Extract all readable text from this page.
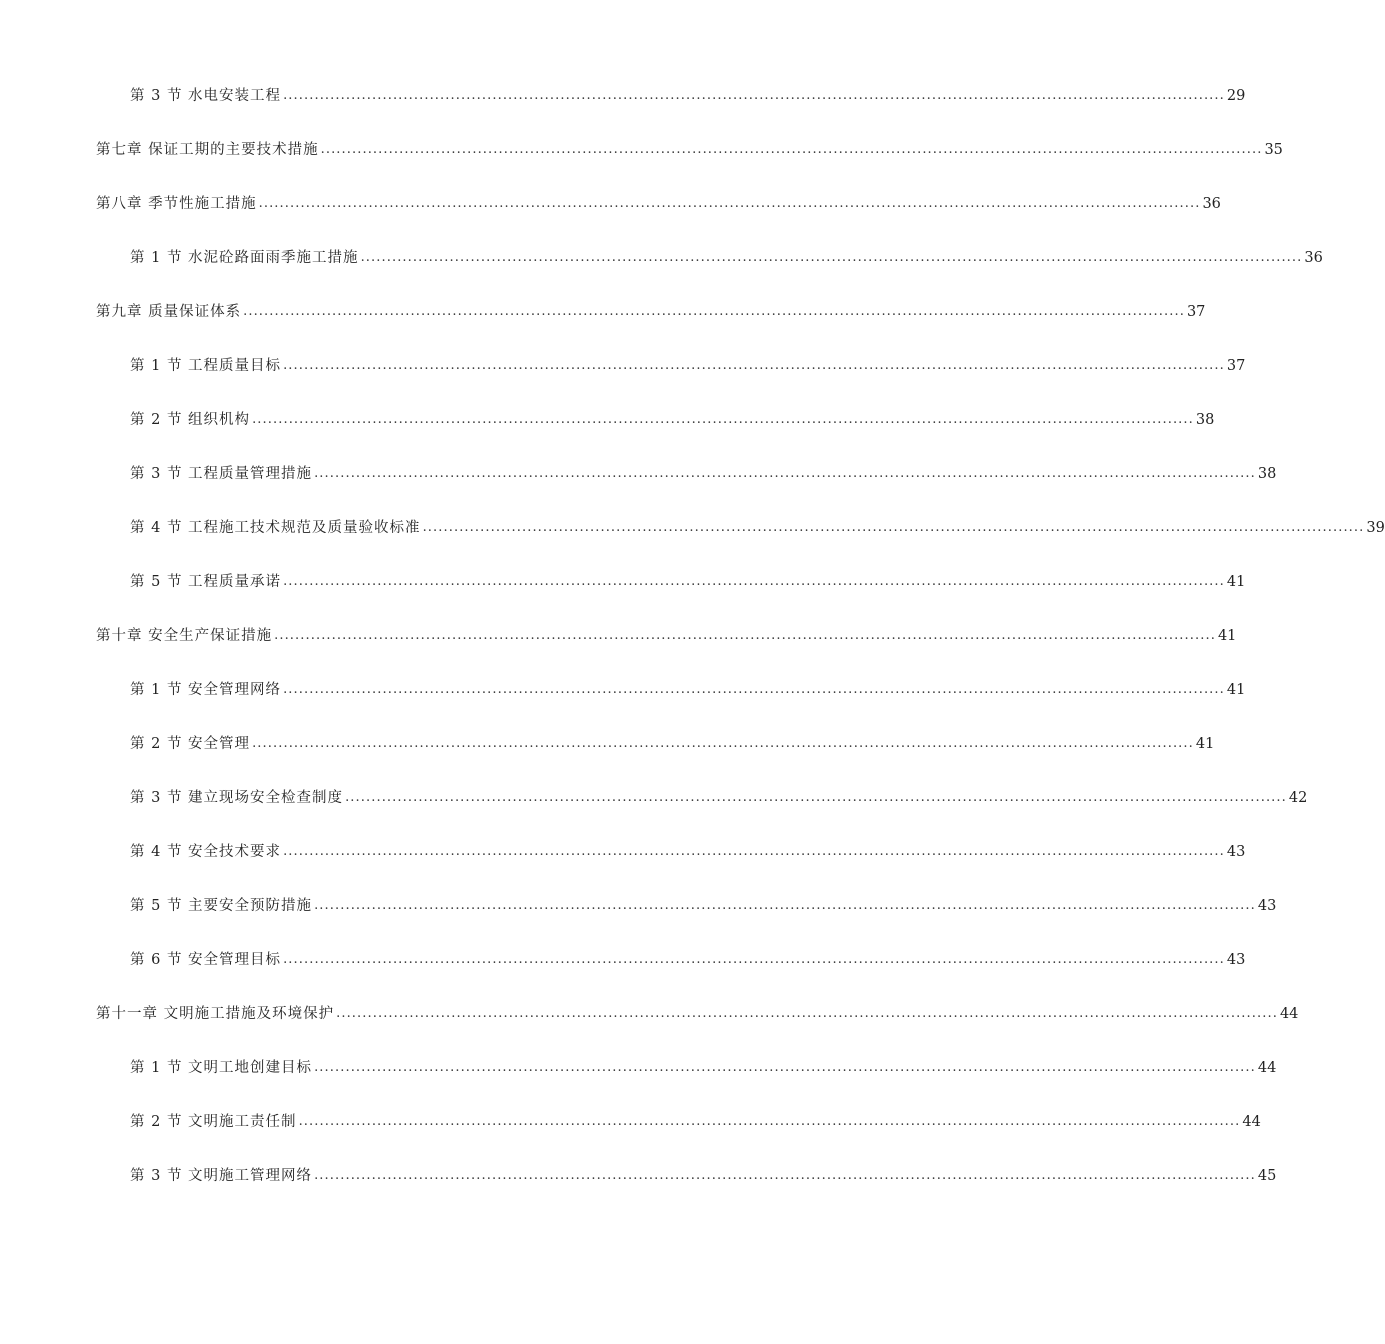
第 3 节 水电安装工程 .................................................................................................................................................................................... 29
第七章 保证工期的主要技术措施 .................................................................................................................................................................................... 35
第八章 季节性施工措施 .................................................................................................................................................................................... 36
第 1 节 水泥砼路面雨季施工措施 .................................................................................................................................................................................... 36
第九章 质量保证体系 .................................................................................................................................................................................... 37
第 1 节 工程质量目标 .................................................................................................................................................................................... 37
第 2 节 组织机构 .................................................................................................................................................................................... 38
第 3 节 工程质量管理措施 .................................................................................................................................................................................... 38
第 4 节 工程施工技术规范及质量验收标准 .................................................................................................................................................................................... 39
第 5 节 工程质量承诺 .................................................................................................................................................................................... 41
第十章 安全生产保证措施 .................................................................................................................................................................................... 41
第 1 节 安全管理网络 .................................................................................................................................................................................... 41
第 2 节 安全管理 .................................................................................................................................................................................... 41
第 3 节 建立现场安全检查制度 .................................................................................................................................................................................... 42
第 4 节 安全技术要求 .................................................................................................................................................................................... 43
第 5 节 主要安全预防措施 .................................................................................................................................................................................... 43
第 6 节 安全管理目标 .................................................................................................................................................................................... 43
第十一章 文明施工措施及环境保护 .................................................................................................................................................................................... 44
第 1 节 文明工地创建目标 .................................................................................................................................................................................... 44
第 2 节 文明施工责任制 .................................................................................................................................................................................... 44
第 3 节 文明施工管理网络 .................................................................................................................................................................................... 45
